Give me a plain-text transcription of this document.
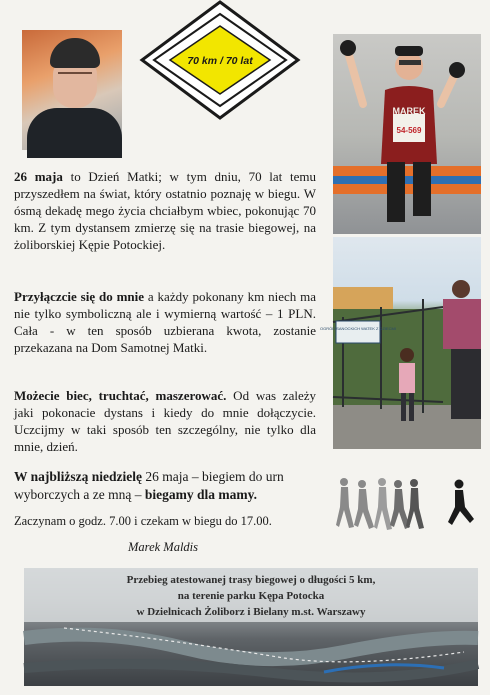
70 km / 70 lat
MAREK
54-569
OGRÓD SANOCKICH WATEK Z DZIECMI

26 maja to Dzień Matki; w tym dniu, 70 lat temu przyszedłem na świat, który ostatnio poznaję w biegu. W ósmą dekadę mego życia chciałbym wbiec, pokonując 70 km. Z tym dystansem zmierzę się na trasie biegowej, na żoliborskiej Kępie Potockiej.

Przyłączcie się do mnie a każdy pokonany km niech ma nie tylko symboliczną ale i wymierną wartość – 1 PLN. Cała - w ten sposób uzbierana kwota, zostanie przekazana na Dom Samotnej Matki.

Możecie biec, truchtać, maszerować. Od was zależy jaki pokonacie dystans i kiedy do mnie dołączycie. Uczcijmy w taki sposób ten szczególny, nie tylko dla mnie, dzień.

W najbliższą niedzielę 26 maja – biegiem do urn wyborczych a ze mną – biegamy dla mamy.

Zaczynam o godz. 7.00 i czekam w biegu do 17.00.

Marek Maldis
Przebieg atestowanej trasy biegowej o długości 5 km,
na terenie parku Kępa Potocka
w Dzielnicach Żoliborz i Bielany m.st. Warszawy
